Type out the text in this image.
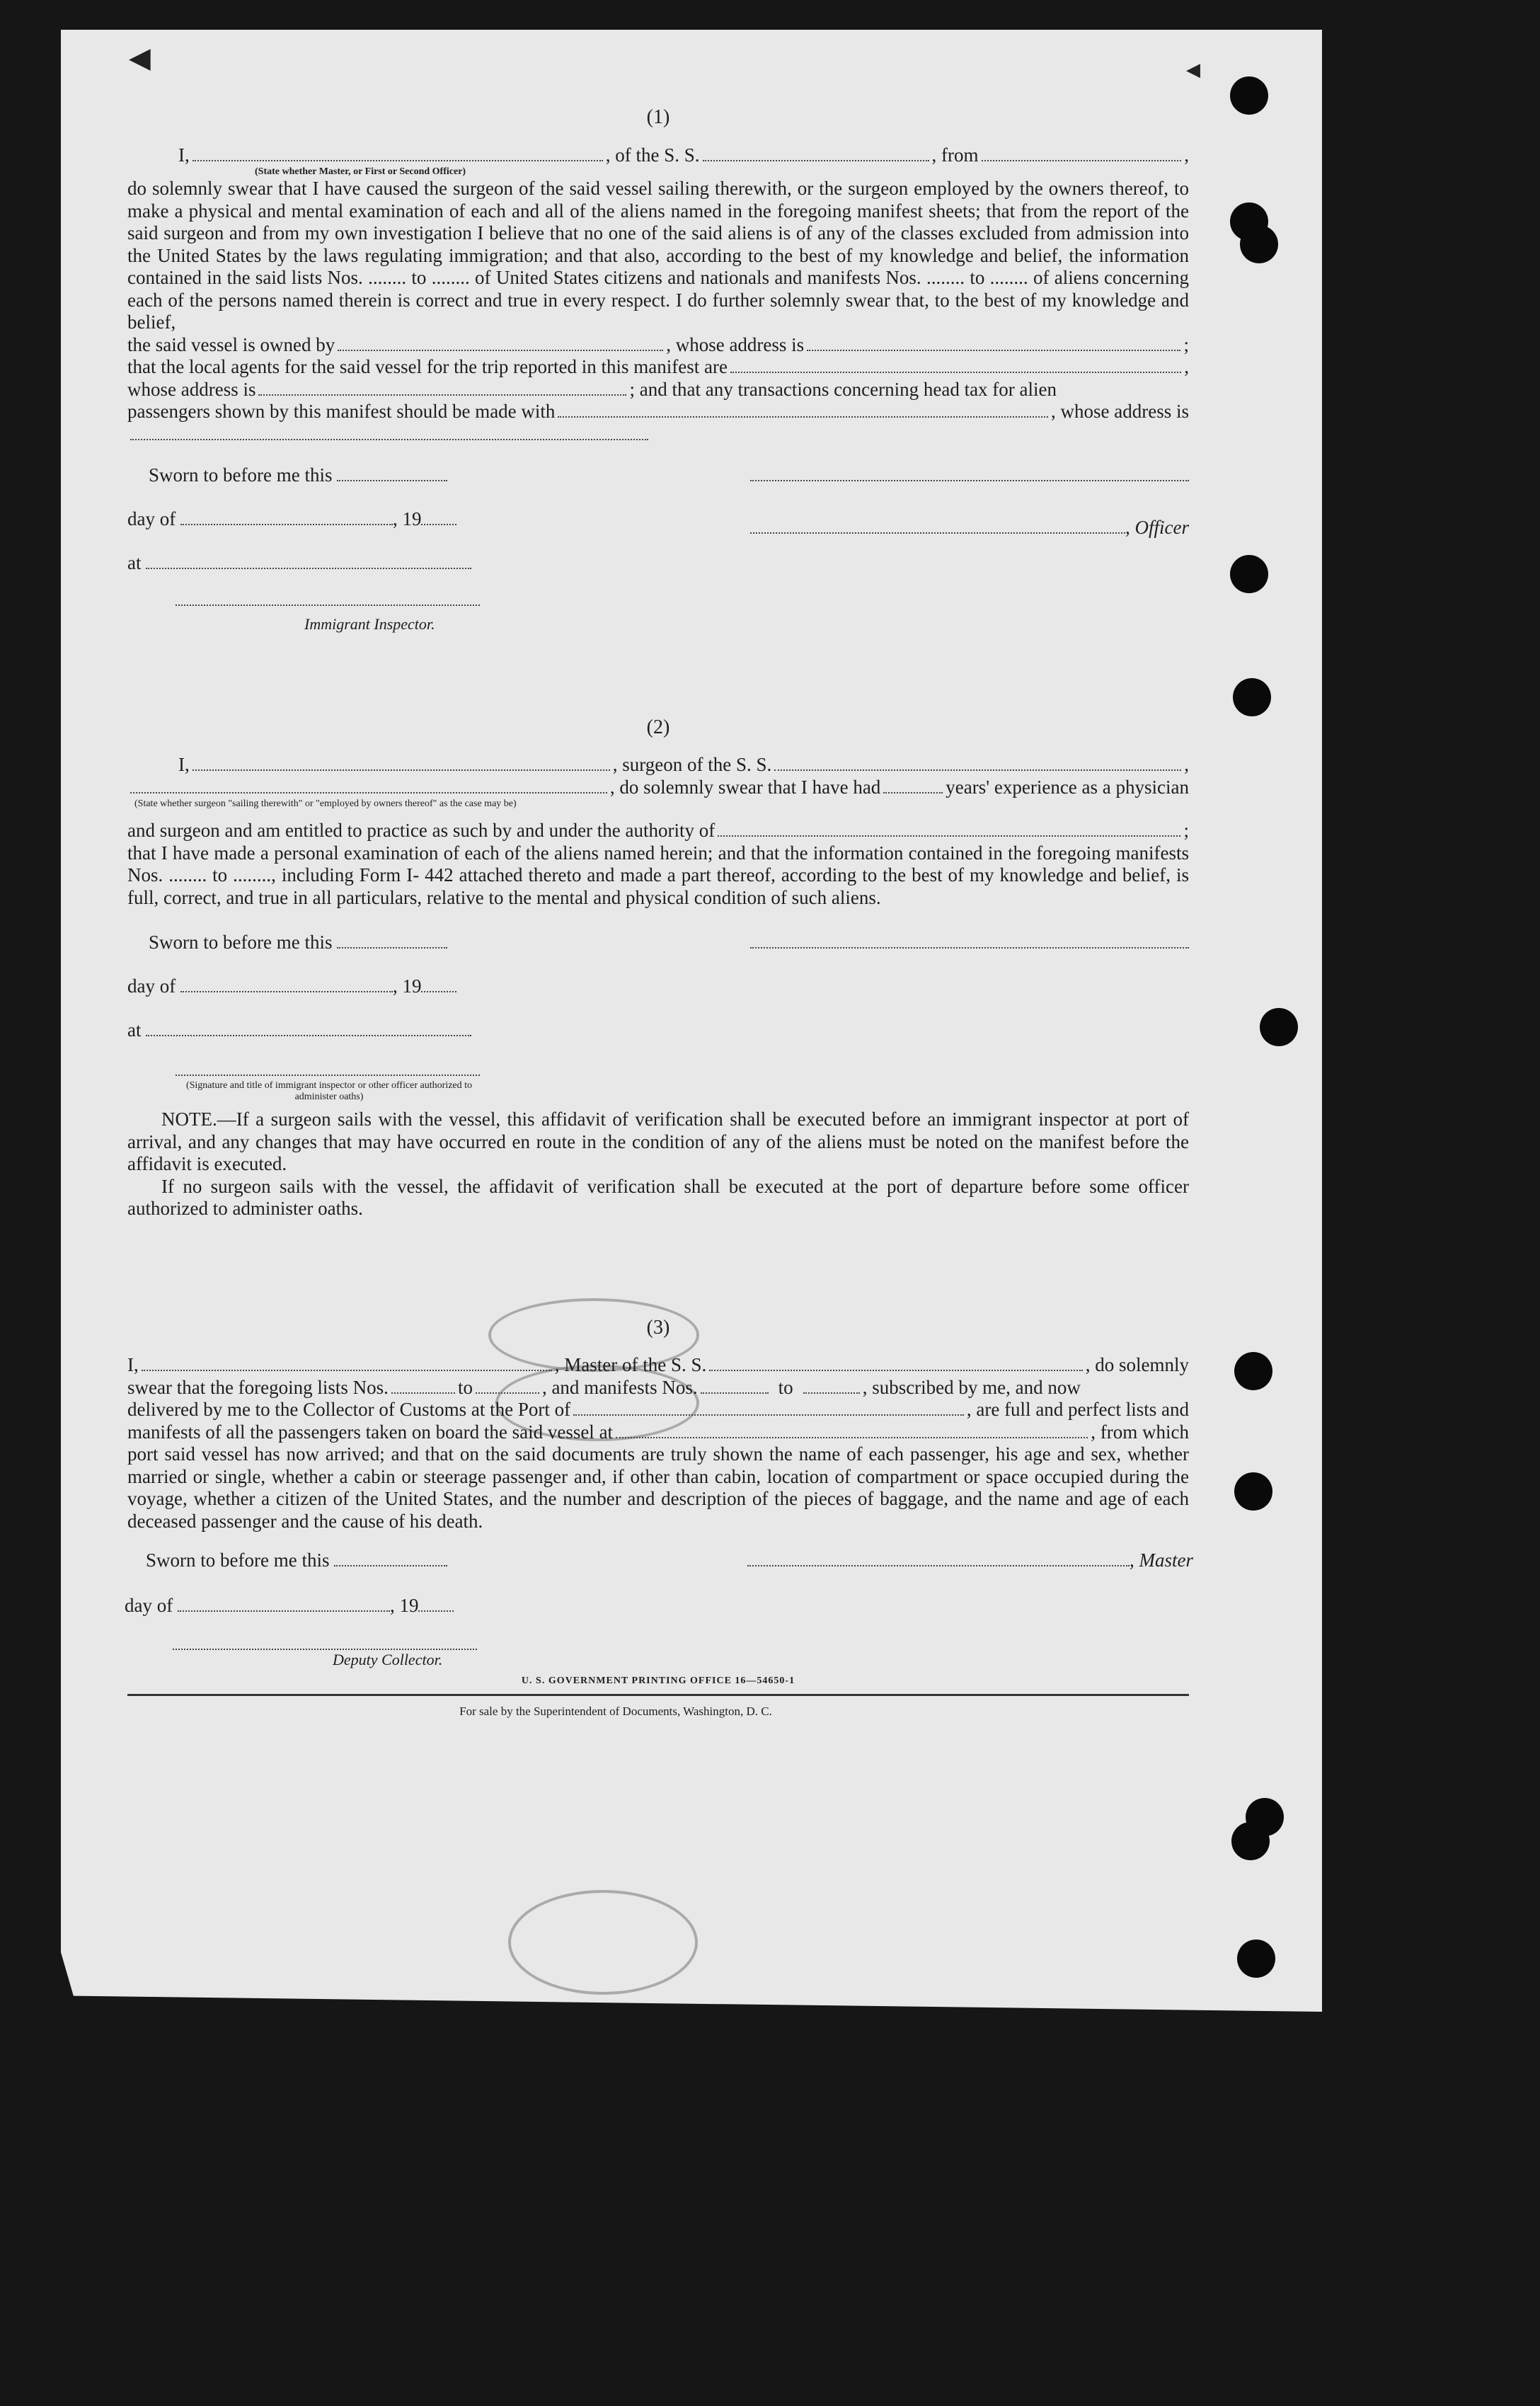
◀	◀
(1)
I,	, of the S. S.	, from	,
(State whether Master, or First or Second Officer)
do solemnly swear that I have caused the surgeon of the said vessel sailing therewith, or the surgeon employed by the owners thereof, to make a physical and mental examination of each and all of the aliens named in the foregoing manifest sheets; that from the report of the said surgeon and from my own investigation I believe that no one of the said aliens is of any of the classes excluded from admission into the United States by the laws regulating immigration; and that also, according to the best of my knowledge and belief, the information contained in the said lists Nos. ........ to ........ of United States citizens and nationals and manifests Nos. ........ to ........ of aliens concerning each of the persons named therein is correct and true in every respect. I do further solemnly swear that, to the best of my knowledge and belief,
the said vessel is owned by	, whose address is	;
that the local agents for the said vessel for the trip reported in this manifest are	,
whose address is	; and that any transactions concerning head tax for alien
passengers shown by this manifest should be made with	, whose address is
Sworn to before me this
day of	, 19	, Officer
at
Immigrant Inspector.
(2)
I,	, surgeon of the S. S.	,
, do solemnly swear that I have had	years' experience as a physician
(State whether surgeon "sailing therewith" or "employed by owners thereof" as the case may be)
and surgeon and am entitled to practice as such by and under the authority of	;
that I have made a personal examination of each of the aliens named herein; and that the information contained in the foregoing manifests Nos. ........ to ........, including Form I- 442 attached thereto and made a part thereof, according to the best of my knowledge and belief, is full, correct, and true in all particulars, relative to the mental and physical condition of such aliens.
Sworn to before me this
day of	, 19
at
(Signature and title of immigrant inspector or other officer authorized to administer oaths)
NOTE.—If a surgeon sails with the vessel, this affidavit of verification shall be executed before an immigrant inspector at port of arrival, and any changes that may have occurred en route in the condition of any of the aliens must be noted on the manifest before the affidavit is executed.
If no surgeon sails with the vessel, the affidavit of verification shall be executed at the port of departure before some officer authorized to administer oaths.
(3)
I,	, Master of the S. S.	, do solemnly
swear that the foregoing lists Nos.	to	, and manifests Nos.	to	, subscribed by me, and now
delivered by me to the Collector of Customs at the Port of	, are full and perfect lists and
manifests of all the passengers taken on board the said vessel at	, from which
port said vessel has now arrived; and that on the said documents are truly shown the name of each passenger, his age and sex, whether married or single, whether a cabin or steerage passenger and, if other than cabin, location of compartment or space occupied during the voyage, whether a citizen of the United States, and the number and description of the pieces of baggage, and the name and age of each deceased passenger and the cause of his death.
Sworn to before me this	, Master
day of	, 19
Deputy Collector.
U. S. GOVERNMENT PRINTING OFFICE 16—54650-1
For sale by the Superintendent of Documents, Washington, D. C.
